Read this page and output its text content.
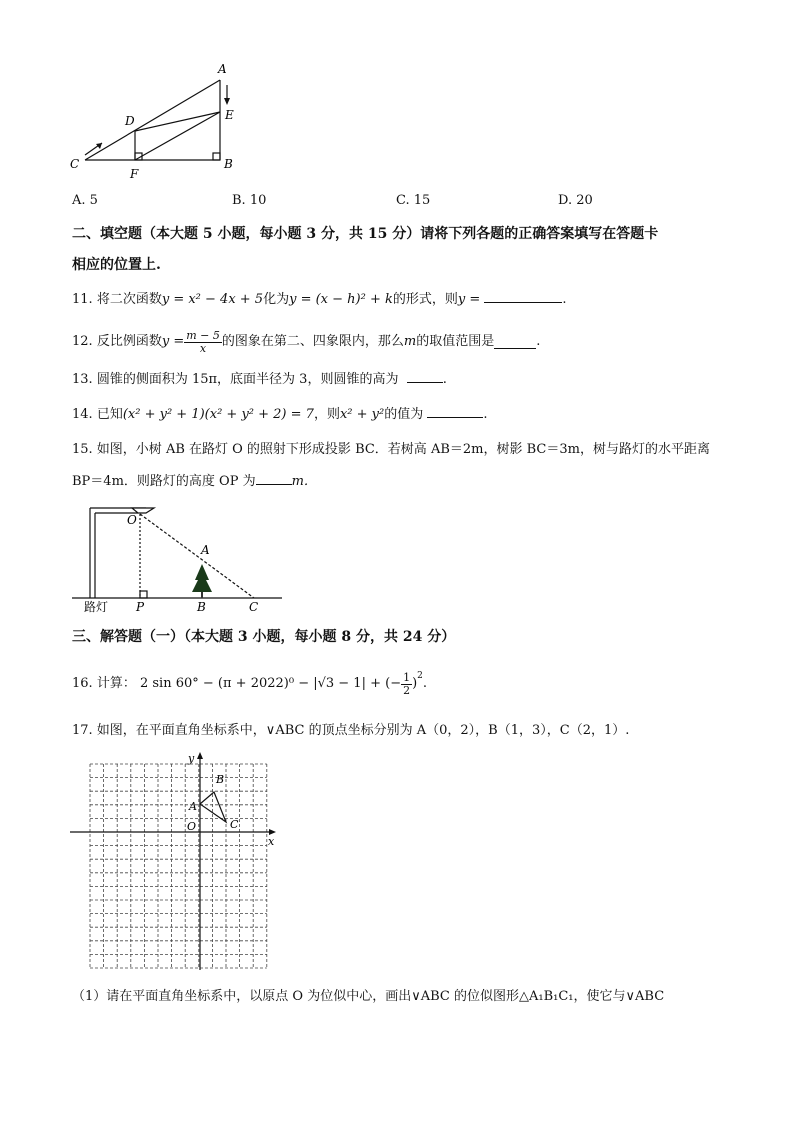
A
B
C
D	E
F
A. 5	B. 10	C. 15	D. 20
二、填空题（本大题 5 小题，每小题 3 分，共 15 分）请将下列各题的正确答案填写在答题卡
相应的位置上.
11. 将二次函数y = x² − 4x + 5化为y = (x − h)² + k的形式，则y =	.
12.
反比例函数 $y = \frac{m - 5}{x}$ 的图象在第二、四象限内，那么 m 的取值范围是	.
13. 圆锥的侧面积为 15π，底面半径为 3，则圆锥的高为	.
14. 已知(x² + y² + 1)(x² + y² + 2) = 7，则x² + y²的值为	.
15. 如图，小树 AB 在路灯 O 的照射下形成投影 BC．若树高 AB＝2m，树影 BC＝3m，树与路灯的水平距离
BP＝4m．则路灯的高度 OP 为	m．
O
A
P	B	C
路灯
三、解答题（一）（本大题 3 小题，每小题 8 分，共 24 分）
16.
计算：
2 sin 60° − (π + 2022)⁰ − |√3 − 1| + (− $\frac{1}{2} )^2$ .
17. 如图，在平面直角坐标系中，∨ABC 的顶点坐标分别为 A（0，2），B（1，3），C（2，1）.
x
y
O
A
B
C
（1）请在平面直角坐标系中，以原点 O 为位似中心，画出∨ABC 的位似图形△A₁B₁C₁，使它与∨ABC
